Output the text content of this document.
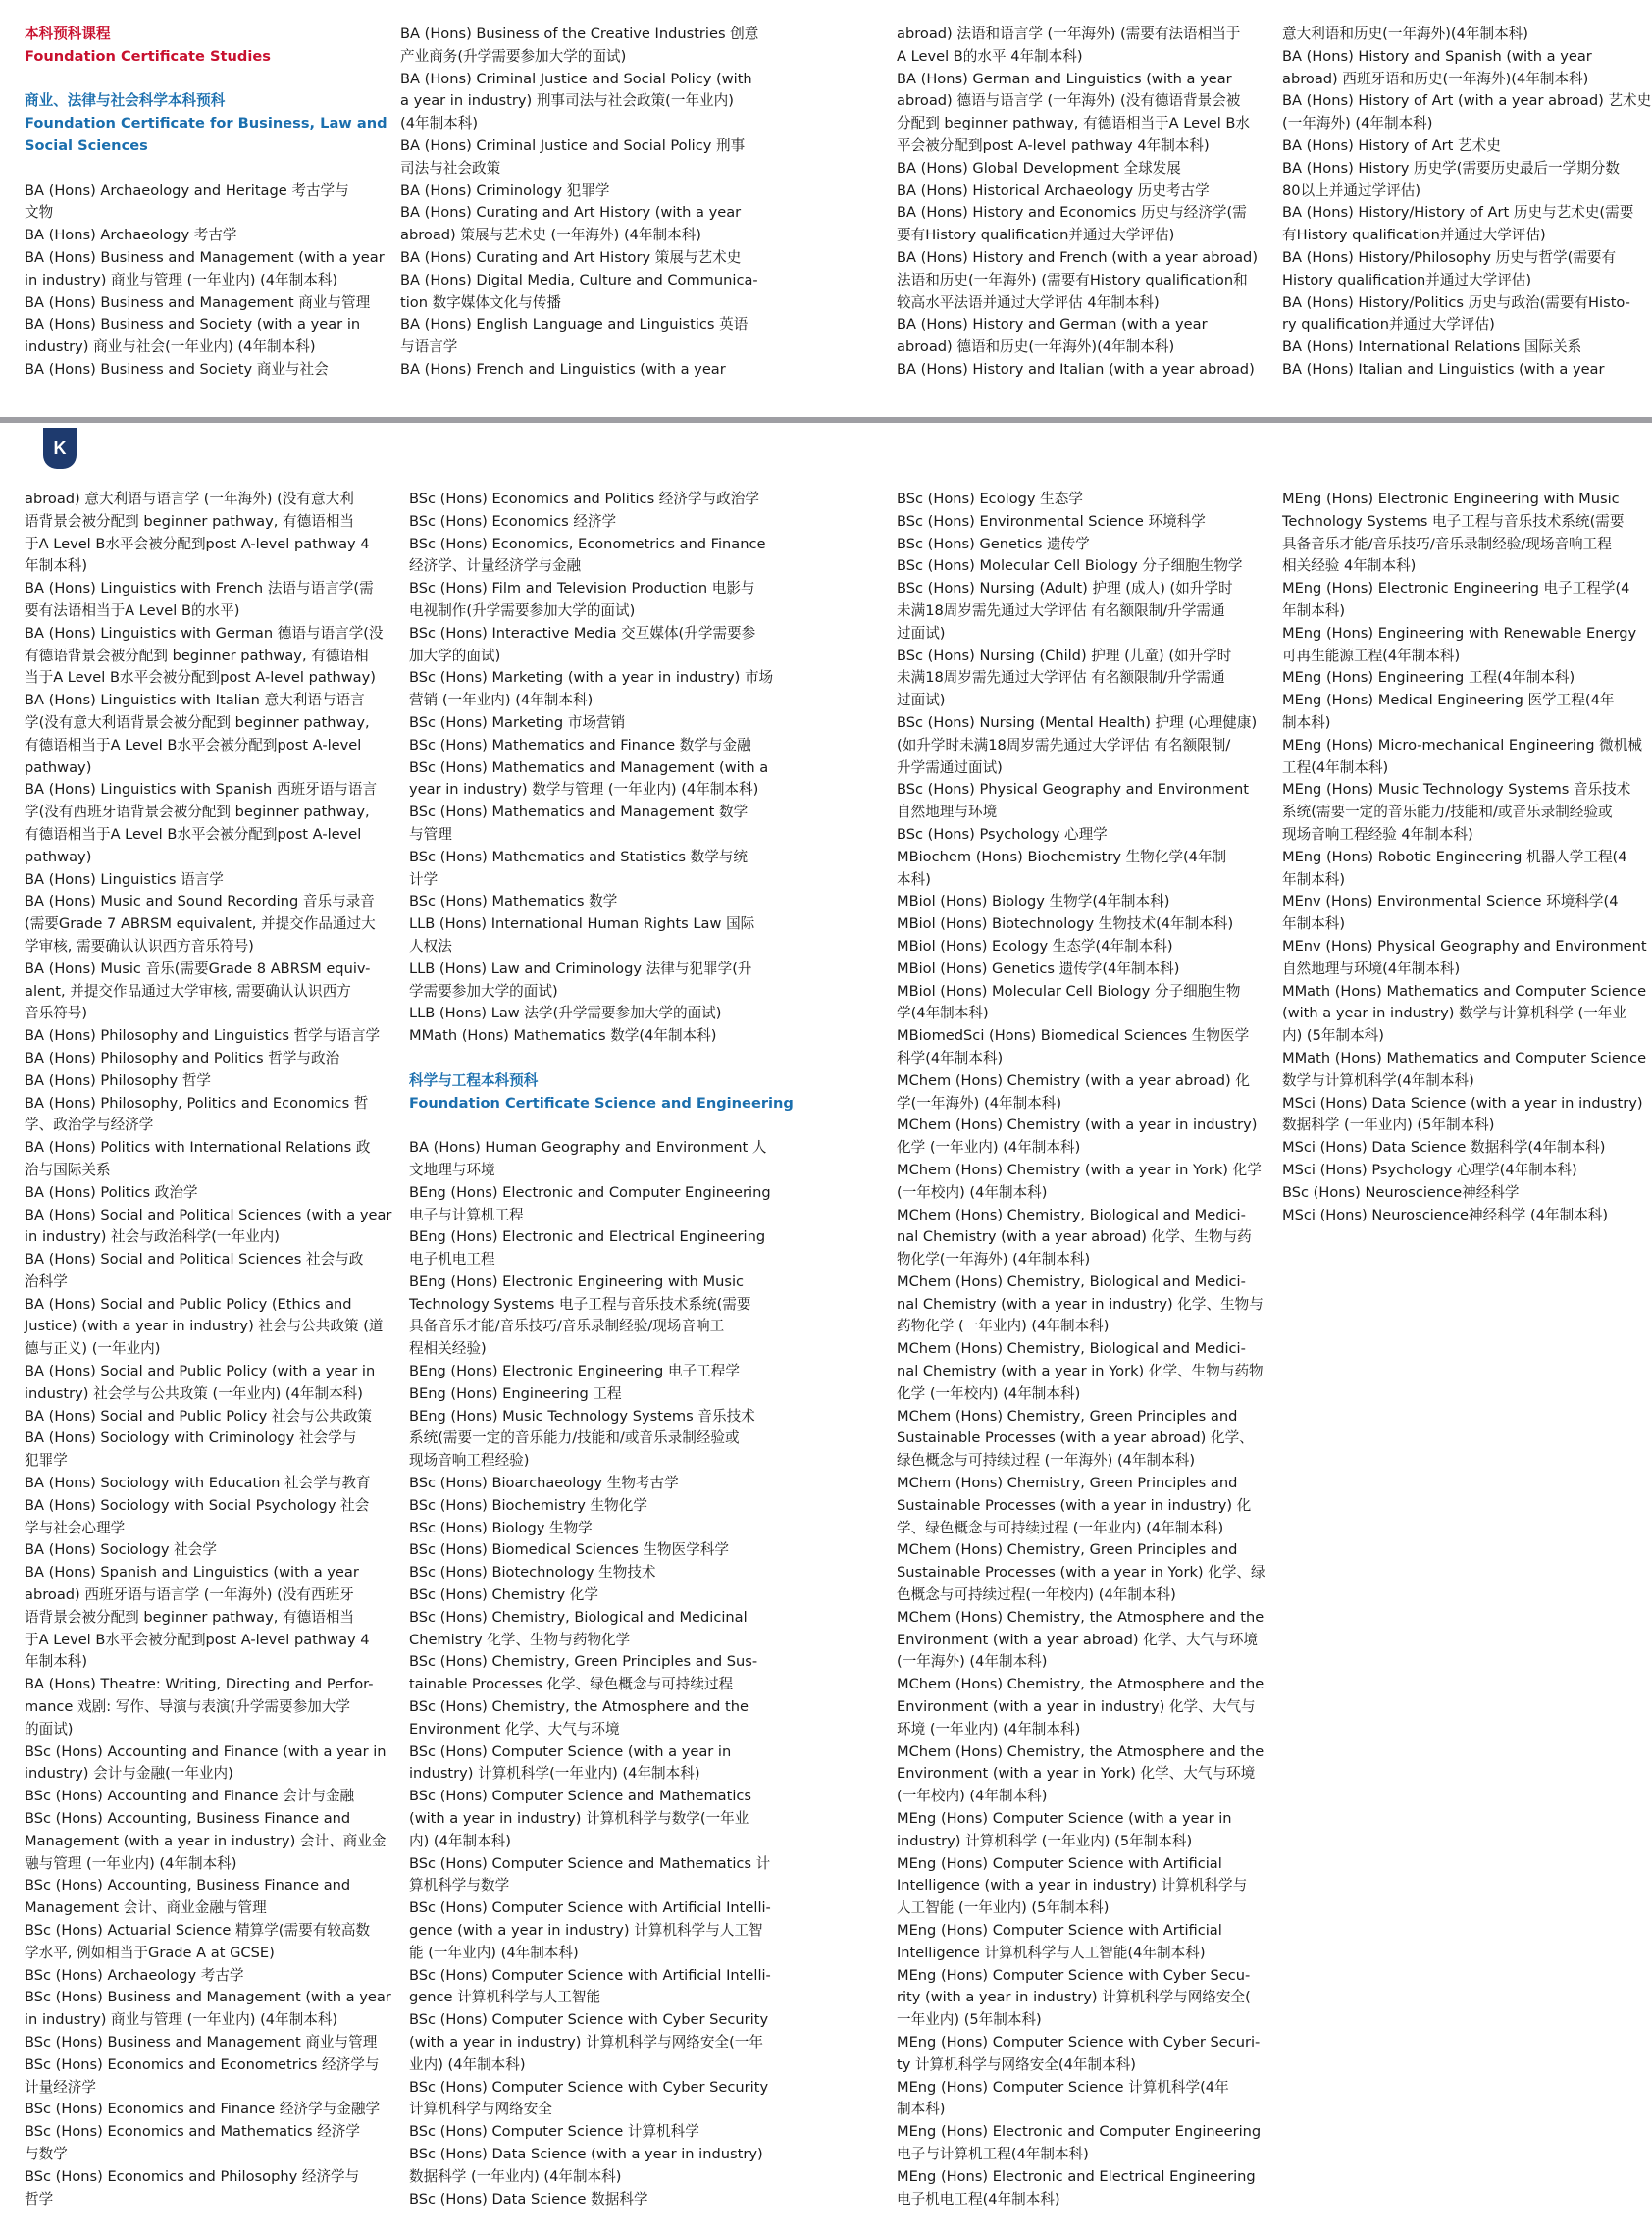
本科预科课程
Foundation Certificate Studies
商业、法律与社会科学本科预科
Foundation Certificate for Business, Law and
Social Sciences
BA (Hons) Archaeology and Heritage 考古学与
文物
BA (Hons) Archaeology 考古学
BA (Hons) Business and Management (with a year
in industry) 商业与管理 (一年业内) (4年制本科)
BA (Hons) Business and Management 商业与管理
BA (Hons) Business and Society (with a year in
industry) 商业与社会(一年业内) (4年制本科)
BA (Hons) Business and Society 商业与社会
BA (Hons) Business of the Creative Industries 创意
产业商务(升学需要参加大学的面试)
BA (Hons) Criminal Justice and Social Policy (with
a year in industry) 刑事司法与社会政策(一年业内)
(4年制本科)
BA (Hons) Criminal Justice and Social Policy 刑事
司法与社会政策
BA (Hons) Criminology 犯罪学
BA (Hons) Curating and Art History (with a year
abroad) 策展与艺术史 (一年海外) (4年制本科)
BA (Hons) Curating and Art History 策展与艺术史
BA (Hons) Digital Media, Culture and Communica-
tion 数字媒体文化与传播
BA (Hons) English Language and Linguistics 英语
与语言学
BA (Hons) French and Linguistics (with a year
abroad) 法语和语言学 (一年海外) (需要有法语相当于
A Level B的水平 4年制本科)
BA (Hons) German and Linguistics (with a year
abroad) 德语与语言学 (一年海外) (没有德语背景会被
分配到 beginner pathway, 有德语相当于A Level B水
平会被分配到post A-level pathway 4年制本科)
BA (Hons) Global Development 全球发展
BA (Hons) Historical Archaeology 历史考古学
BA (Hons) History and Economics 历史与经济学(需
要有History qualification并通过大学评估)
BA (Hons) History and French (with a year abroad)
法语和历史(一年海外) (需要有History qualification和
较高水平法语并通过大学评估 4年制本科)
BA (Hons) History and German (with a year
abroad) 德语和历史(一年海外)(4年制本科)
BA (Hons) History and Italian (with a year abroad)
意大利语和历史(一年海外)(4年制本科)
BA (Hons) History and Spanish (with a year
abroad) 西班牙语和历史(一年海外)(4年制本科)
BA (Hons) History of Art (with a year abroad) 艺术史
(一年海外) (4年制本科)
BA (Hons) History of Art 艺术史
BA (Hons) History 历史学(需要历史最后一学期分数
80以上并通过学评估)
BA (Hons) History/History of Art 历史与艺术史(需要
有History qualification并通过大学评估)
BA (Hons) History/Philosophy 历史与哲学(需要有
History qualification并通过大学评估)
BA (Hons) History/Politics 历史与政治(需要有Histo-
ry qualification并通过大学评估)
BA (Hons) International Relations 国际关系
BA (Hons) Italian and Linguistics (with a year
K
abroad) 意大利语与语言学 (一年海外) (没有意大利
语背景会被分配到 beginner pathway, 有德语相当
于A Level B水平会被分配到post A-level pathway 4
年制本科)
BA (Hons) Linguistics with French 法语与语言学(需
要有法语相当于A Level B的水平)
BA (Hons) Linguistics with German 德语与语言学(没
有德语背景会被分配到 beginner pathway, 有德语相
当于A Level B水平会被分配到post A-level pathway)
BA (Hons) Linguistics with Italian 意大利语与语言
学(没有意大利语背景会被分配到 beginner pathway,
有德语相当于A Level B水平会被分配到post A-level
pathway)
BA (Hons) Linguistics with Spanish 西班牙语与语言
学(没有西班牙语背景会被分配到 beginner pathway,
有德语相当于A Level B水平会被分配到post A-level
pathway)
BA (Hons) Linguistics 语言学
BA (Hons) Music and Sound Recording 音乐与录音
(需要Grade 7 ABRSM equivalent, 并提交作品通过大
学审核, 需要确认认识西方音乐符号)
BA (Hons) Music 音乐(需要Grade 8 ABRSM equiv-
alent, 并提交作品通过大学审核, 需要确认认识西方
音乐符号)
BA (Hons) Philosophy and Linguistics 哲学与语言学
BA (Hons) Philosophy and Politics 哲学与政治
BA (Hons) Philosophy 哲学
BA (Hons) Philosophy, Politics and Economics 哲
学、政治学与经济学
BA (Hons) Politics with International Relations 政
治与国际关系
BA (Hons) Politics 政治学
BA (Hons) Social and Political Sciences (with a year
in industry) 社会与政治科学(一年业内)
BA (Hons) Social and Political Sciences 社会与政
治科学
BA (Hons) Social and Public Policy (Ethics and
Justice) (with a year in industry) 社会与公共政策 (道
德与正义) (一年业内)
BA (Hons) Social and Public Policy (with a year in
industry) 社会学与公共政策 (一年业内) (4年制本科)
BA (Hons) Social and Public Policy 社会与公共政策
BA (Hons) Sociology with Criminology 社会学与
犯罪学
BA (Hons) Sociology with Education 社会学与教育
BA (Hons) Sociology with Social Psychology 社会
学与社会心理学
BA (Hons) Sociology 社会学
BA (Hons) Spanish and Linguistics (with a year
abroad) 西班牙语与语言学 (一年海外) (没有西班牙
语背景会被分配到 beginner pathway, 有德语相当
于A Level B水平会被分配到post A-level pathway 4
年制本科)
BA (Hons) Theatre: Writing, Directing and Perfor-
mance 戏剧: 写作、导演与表演(升学需要参加大学
的面试)
BSc (Hons) Accounting and Finance (with a year in
industry) 会计与金融(一年业内)
BSc (Hons) Accounting and Finance 会计与金融
BSc (Hons) Accounting, Business Finance and
Management (with a year in industry) 会计、商业金
融与管理 (一年业内) (4年制本科)
BSc (Hons) Accounting, Business Finance and
Management 会计、商业金融与管理
BSc (Hons) Actuarial Science 精算学(需要有较高数
学水平, 例如相当于Grade A at GCSE)
BSc (Hons) Archaeology 考古学
BSc (Hons) Business and Management (with a year
in industry) 商业与管理 (一年业内) (4年制本科)
BSc (Hons) Business and Management 商业与管理
BSc (Hons) Economics and Econometrics 经济学与
计量经济学
BSc (Hons) Economics and Finance 经济学与金融学
BSc (Hons) Economics and Mathematics 经济学
与数学
BSc (Hons) Economics and Philosophy 经济学与
哲学
BSc (Hons) Economics and Politics 经济学与政治学
BSc (Hons) Economics 经济学
BSc (Hons) Economics, Econometrics and Finance
经济学、计量经济学与金融
BSc (Hons) Film and Television Production 电影与
电视制作(升学需要参加大学的面试)
BSc (Hons) Interactive Media 交互媒体(升学需要参
加大学的面试)
BSc (Hons) Marketing (with a year in industry) 市场
营销 (一年业内) (4年制本科)
BSc (Hons) Marketing 市场营销
BSc (Hons) Mathematics and Finance 数学与金融
BSc (Hons) Mathematics and Management (with a
year in industry) 数学与管理 (一年业内) (4年制本科)
BSc (Hons) Mathematics and Management 数学
与管理
BSc (Hons) Mathematics and Statistics 数学与统
计学
BSc (Hons) Mathematics 数学
LLB (Hons) International Human Rights Law 国际
人权法
LLB (Hons) Law and Criminology 法律与犯罪学(升
学需要参加大学的面试)
LLB (Hons) Law 法学(升学需要参加大学的面试)
MMath (Hons) Mathematics 数学(4年制本科)
科学与工程本科预科
Foundation Certificate Science and Engineering
BA (Hons) Human Geography and Environment 人
文地理与环境
BEng (Hons) Electronic and Computer Engineering
电子与计算机工程
BEng (Hons) Electronic and Electrical Engineering
电子机电工程
BEng (Hons) Electronic Engineering with Music
Technology Systems 电子工程与音乐技术系统(需要
具备音乐才能/音乐技巧/音乐录制经验/现场音响工
程相关经验)
BEng (Hons) Electronic Engineering 电子工程学
BEng (Hons) Engineering 工程
BEng (Hons) Music Technology Systems 音乐技术
系统(需要一定的音乐能力/技能和/或音乐录制经验或
现场音响工程经验)
BSc (Hons) Bioarchaeology 生物考古学
BSc (Hons) Biochemistry 生物化学
BSc (Hons) Biology 生物学
BSc (Hons) Biomedical Sciences 生物医学科学
BSc (Hons) Biotechnology 生物技术
BSc (Hons) Chemistry 化学
BSc (Hons) Chemistry, Biological and Medicinal
Chemistry 化学、生物与药物化学
BSc (Hons) Chemistry, Green Principles and Sus-
tainable Processes 化学、绿色概念与可持续过程
BSc (Hons) Chemistry, the Atmosphere and the
Environment 化学、大气与环境
BSc (Hons) Computer Science (with a year in
industry) 计算机科学(一年业内) (4年制本科)
BSc (Hons) Computer Science and Mathematics
(with a year in industry) 计算机科学与数学(一年业
内) (4年制本科)
BSc (Hons) Computer Science and Mathematics 计
算机科学与数学
BSc (Hons) Computer Science with Artificial Intelli-
gence (with a year in industry) 计算机科学与人工智
能 (一年业内) (4年制本科)
BSc (Hons) Computer Science with Artificial Intelli-
gence 计算机科学与人工智能
BSc (Hons) Computer Science with Cyber Security
(with a year in industry) 计算机科学与网络安全(一年
业内) (4年制本科)
BSc (Hons) Computer Science with Cyber Security
计算机科学与网络安全
BSc (Hons) Computer Science 计算机科学
BSc (Hons) Data Science (with a year in industry)
数据科学 (一年业内) (4年制本科)
BSc (Hons) Data Science 数据科学
BSc (Hons) Ecology 生态学
BSc (Hons) Environmental Science 环境科学
BSc (Hons) Genetics 遗传学
BSc (Hons) Molecular Cell Biology 分子细胞生物学
BSc (Hons) Nursing (Adult) 护理 (成人) (如升学时
未满18周岁需先通过大学评估 有名额限制/升学需通
过面试)
BSc (Hons) Nursing (Child) 护理 (儿童) (如升学时
未满18周岁需先通过大学评估 有名额限制/升学需通
过面试)
BSc (Hons) Nursing (Mental Health) 护理 (心理健康)
(如升学时未满18周岁需先通过大学评估 有名额限制/
升学需通过面试)
BSc (Hons) Physical Geography and Environment
自然地理与环境
BSc (Hons) Psychology 心理学
MBiochem (Hons) Biochemistry 生物化学(4年制
本科)
MBiol (Hons) Biology 生物学(4年制本科)
MBiol (Hons) Biotechnology 生物技术(4年制本科)
MBiol (Hons) Ecology 生态学(4年制本科)
MBiol (Hons) Genetics 遗传学(4年制本科)
MBiol (Hons) Molecular Cell Biology 分子细胞生物
学(4年制本科)
MBiomedSci (Hons) Biomedical Sciences 生物医学
科学(4年制本科)
MChem (Hons) Chemistry (with a year abroad) 化
学(一年海外) (4年制本科)
MChem (Hons) Chemistry (with a year in industry)
化学 (一年业内) (4年制本科)
MChem (Hons) Chemistry (with a year in York) 化学
(一年校内) (4年制本科)
MChem (Hons) Chemistry, Biological and Medici-
nal Chemistry (with a year abroad) 化学、生物与药
物化学(一年海外) (4年制本科)
MChem (Hons) Chemistry, Biological and Medici-
nal Chemistry (with a year in industry) 化学、生物与
药物化学 (一年业内) (4年制本科)
MChem (Hons) Chemistry, Biological and Medici-
nal Chemistry (with a year in York) 化学、生物与药物
化学 (一年校内) (4年制本科)
MChem (Hons) Chemistry, Green Principles and
Sustainable Processes (with a year abroad) 化学、
绿色概念与可持续过程 (一年海外) (4年制本科)
MChem (Hons) Chemistry, Green Principles and
Sustainable Processes (with a year in industry) 化
学、绿色概念与可持续过程 (一年业内) (4年制本科)
MChem (Hons) Chemistry, Green Principles and
Sustainable Processes (with a year in York) 化学、绿
色概念与可持续过程(一年校内) (4年制本科)
MChem (Hons) Chemistry, the Atmosphere and the
Environment (with a year abroad) 化学、大气与环境
(一年海外) (4年制本科)
MChem (Hons) Chemistry, the Atmosphere and the
Environment (with a year in industry) 化学、大气与
环境 (一年业内) (4年制本科)
MChem (Hons) Chemistry, the Atmosphere and the
Environment (with a year in York) 化学、大气与环境
(一年校内) (4年制本科)
MEng (Hons) Computer Science (with a year in
industry) 计算机科学 (一年业内) (5年制本科)
MEng (Hons) Computer Science with Artificial
Intelligence (with a year in industry) 计算机科学与
人工智能 (一年业内) (5年制本科)
MEng (Hons) Computer Science with Artificial
Intelligence 计算机科学与人工智能(4年制本科)
MEng (Hons) Computer Science with Cyber Secu-
rity (with a year in industry) 计算机科学与网络安全(
一年业内) (5年制本科)
MEng (Hons) Computer Science with Cyber Securi-
ty 计算机科学与网络安全(4年制本科)
MEng (Hons) Computer Science 计算机科学(4年
制本科)
MEng (Hons) Electronic and Computer Engineering
电子与计算机工程(4年制本科)
MEng (Hons) Electronic and Electrical Engineering
电子机电工程(4年制本科)
MEng (Hons) Electronic Engineering with Music
Technology Systems 电子工程与音乐技术系统(需要
具备音乐才能/音乐技巧/音乐录制经验/现场音响工程
相关经验 4年制本科)
MEng (Hons) Electronic Engineering 电子工程学(4
年制本科)
MEng (Hons) Engineering with Renewable Energy
可再生能源工程(4年制本科)
MEng (Hons) Engineering 工程(4年制本科)
MEng (Hons) Medical Engineering 医学工程(4年
制本科)
MEng (Hons) Micro-mechanical Engineering 微机械
工程(4年制本科)
MEng (Hons) Music Technology Systems 音乐技术
系统(需要一定的音乐能力/技能和/或音乐录制经验或
现场音响工程经验 4年制本科)
MEng (Hons) Robotic Engineering 机器人学工程(4
年制本科)
MEnv (Hons) Environmental Science 环境科学(4
年制本科)
MEnv (Hons) Physical Geography and Environment
自然地理与环境(4年制本科)
MMath (Hons) Mathematics and Computer Science
(with a year in industry) 数学与计算机科学 (一年业
内) (5年制本科)
MMath (Hons) Mathematics and Computer Science
数学与计算机科学(4年制本科)
MSci (Hons) Data Science (with a year in industry)
数据科学 (一年业内) (5年制本科)
MSci (Hons) Data Science 数据科学(4年制本科)
MSci (Hons) Psychology 心理学(4年制本科)
BSc (Hons) Neuroscience神经科学
MSci (Hons) Neuroscience神经科学 (4年制本科)
